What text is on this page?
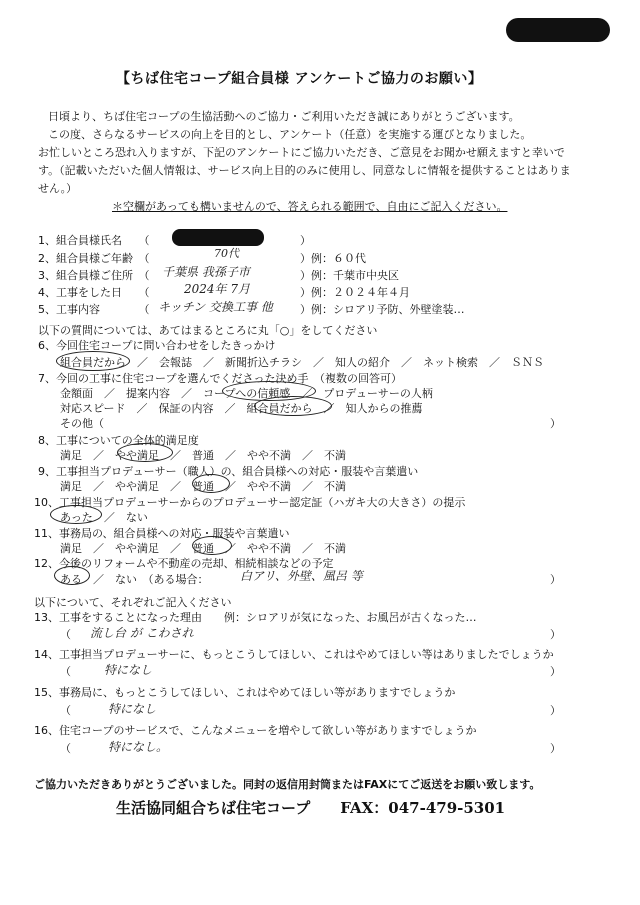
【ちば住宅コープ組合員様 アンケートご協力のお願い】
日頃より、ちば住宅コープの生協活動へのご協力・ご利用いただき誠にありがとうございます。
この度、さらなるサービスの向上を目的とし、アンケート（任意）を実施する運びとなりました。
お忙しいところ恐れ入りますが、下記のアンケートにご協力いただき、ご意見をお聞かせ願えますと幸いで
す。（記載いただいた個人情報は、サービス向上目的のみに使用し、同意なしに情報を提供することはありま
せん。）
＊空欄があっても構いませんので、答えられる範囲で、自由にご記入ください。
1、組合員様氏名　　（	）
2、組合員様ご年齢　（	70代	）例：６０代
3、組合員様ご住所　（ 千葉県 我孫子市	）例：千葉市中央区
4、工事をした日　　（	2024年 7月	）例：２０２４年４月
5、工事内容　　　　（ キッチン 交換工事 他 ）例：シロアリ予防、外壁塗装…
以下の質問については、あてはまるところに丸「○」をしてください
6、今回住宅コープに問い合わせをしたきっかけ
組合員だから　／　会報誌　／　新聞折込チラシ　／　知人の紹介　／　ネット検索　／　ＳＮＳ
7、今回の工事に住宅コープを選んでくださった決め手　（複数の回答可）
金額面　／　提案内容　／　コープへの信頼感　／　プロデューサーの人柄
対応スピード　／　保証の内容　／　組合員だから　／　知人からの推薦
その他（	）
8、工事についての全体的満足度
満足　／　やや満足　／　普通　／　やや不満　／　不満
9、工事担当プロデューサー（職人）の、組合員様への対応・服装や言葉遣い
満足　／　やや満足　／　普通　／　やや不満　／　不満
10、工事担当プロデューサーからのプロデューサー認定証（ハガキ大の大きさ）の提示
あった　／　ない
11、事務局の、組合員様への対応・服装や言葉遣い
満足　／　やや満足　／　普通　／　やや不満　／　不満
12、今後のリフォームや不動産の売却、相続相談などの予定
ある　／　ない　（ある場合：	白アリ、外壁、風呂 等	）
以下について、それぞれご記入ください
13、工事をすることになった理由　　例：シロアリが気になった、お風呂が古くなった…
（ 流し台 が こわされ	）
14、工事担当プロデューサーに、もっとこうしてほしい、これはやめてほしい等はありましたでしょうか
（	特になし	）
15、事務局に、もっとこうしてほしい、これはやめてほしい等がありますでしょうか
（	特になし	）
16、住宅コープのサービスで、こんなメニューを増やして欲しい等がありますでしょうか
（	特になし。	）
ご協力いただきありがとうございました。同封の返信用封筒またはFAXにてご返送をお願い致します。
生活協同組合ちば住宅コープ　　FAX：047-479-5301
